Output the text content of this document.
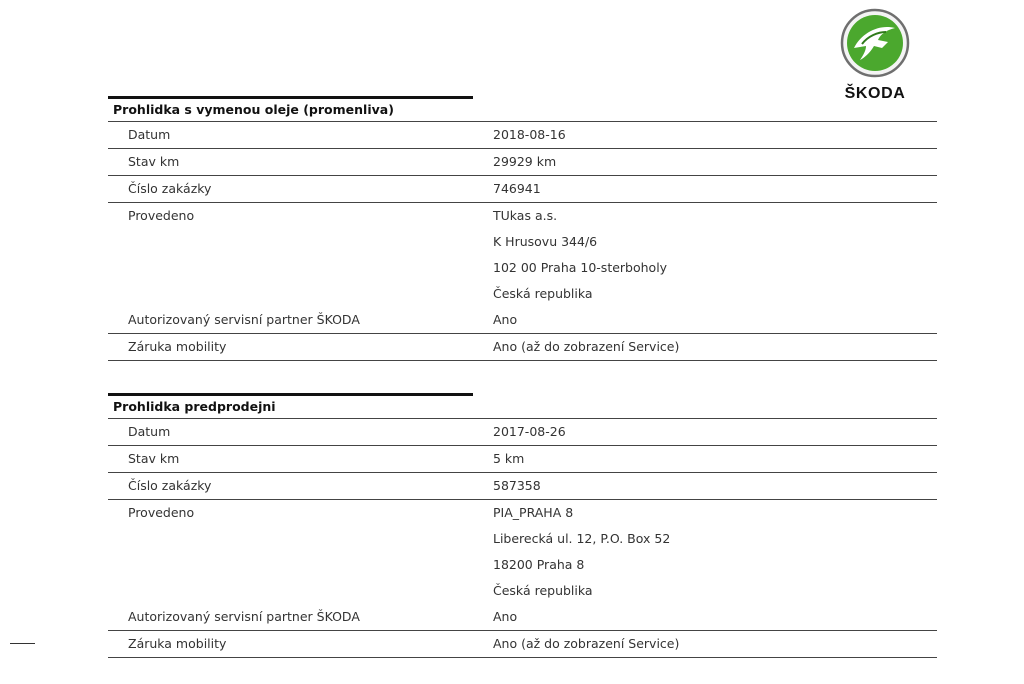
ŠKODA
Prohlidka s vymenou oleje (promenliva)
Datum	2018-08-16
Stav km	29929 km
Číslo zakázky	746941
Provedeno	TUkas a.s.
K Hrusovu 344/6
102 00 Praha 10-sterboholy
Česká republika
Autorizovaný servisní partner ŠKODA	Ano
Záruka mobility	Ano (až do zobrazení Service)
Prohlidka predprodejni
Datum	2017-08-26
Stav km	5 km
Číslo zakázky	587358
Provedeno	PIA_PRAHA 8
Liberecká ul. 12, P.O. Box 52
18200 Praha 8
Česká republika
Autorizovaný servisní partner ŠKODA	Ano
Záruka mobility	Ano (až do zobrazení Service)
